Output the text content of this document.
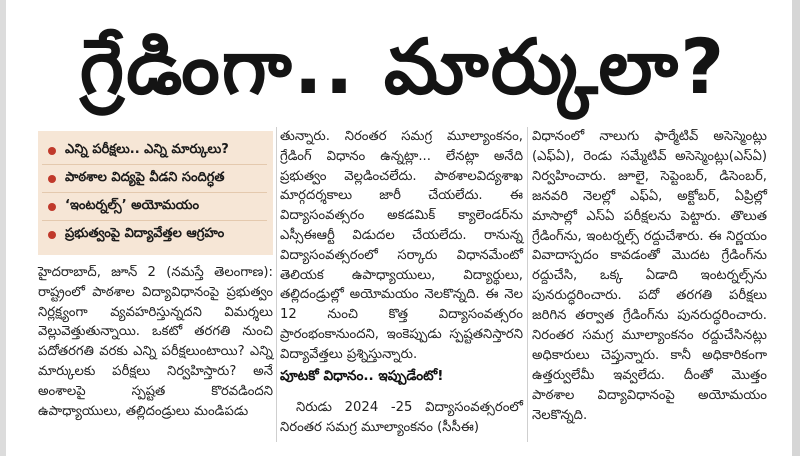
గ్రేడింగా.. మార్కులా?
ఎన్ని పరీక్షలు.. ఎన్ని మార్కులు?
పాఠశాల విద్యపై వీడని సందిగ్ధత
‘ఇంటర్నల్స్’ అయోమయం
ప్రభుత్వంపై విద్యావేత్తల ఆగ్రహం

హైదరాబాద్, జూన్ 2 (నమస్తే తెలంగాణ): రాష్ట్రంలో పాఠశాల విద్యావిధానంపై ప్రభుత్వం నిర్లక్ష్యంగా వ్యవహరిస్తున్నదని విమర్శలు వెల్లువెత్తుతున్నాయి. ఒకటో తరగతి నుంచి పదోతరగతి వరకు ఎన్ని పరీక్షలుంటాయి? ఎన్ని మార్కులకు పరీక్షలు నిర్వహిస్తారు? అనే అంశాలపై స్పష్టత కొరవడిందని ఉపాధ్యాయులు, తల్లిదండ్రులు మండిపడు

తున్నారు. నిరంతర సమగ్ర మూల్యాంకనం, గ్రేడింగ్ విధానం ఉన్నట్లా... లేనట్లా అనేది ప్రభుత్వం వెల్లడించలేదు. పాఠశాలవిద్యశాఖ మార్గదర్శకాలు జారీ చేయలేదు. ఈ విద్యాసంవత్సరం అకడమిక్ క్యాలెండర్‌ను ఎస్సీఈఆర్టీ విడుదల చేయలేదు. రానున్న విద్యాసంవత్సరంలో సర్కారు విధానమేంటో తెలియక ఉపాధ్యాయులు, విద్యార్థులు, తల్లిదండ్రుల్లో అయోమయం నెలకొన్నది. ఈ నెల 12 నుంచి కొత్త విద్యాసంవత్సరం ప్రారంభంకానుందని, ఇంకెప్పుడు స్పష్టతనిస్తారని విద్యావేత్తలు ప్రశ్నిస్తున్నారు.

పూటకో విధానం.. ఇప్పుడేంటో!

నిరుడు 2024 -25 విద్యాసంవత్సరంలో నిరంతర సమగ్ర మూల్యాంకనం (సీసీఈ)

విధానంలో నాలుగు ఫార్మేటివ్ అసెస్మెంట్లు (ఎఫ్ఏ), రెండు సమ్మేటివ్ అసెస్మెంట్లు(ఎస్ఏ) నిర్వహించారు. జూలై, సెప్టెంబర్, డిసెంబర్, జనవరి నెలల్లో ఎఫ్ఏ, అక్టోబర్, ఏప్రిల్లో మాసాల్లో ఎస్ఏ పరీక్షలను పెట్టారు. తొలుత గ్రేడింగ్‌ను, ఇంటర్నల్స్ రద్దుచేశారు. ఈ నిర్ణయం వివాదాస్పదం కావడంతో మొదట గ్రేడింగ్‌ను రద్దుచేసి, ఒక్క ఏడాది ఇంటర్నల్స్‌ను పునరుద్ధరించారు. పదో తరగతి పరీక్షలు జరిగిన తర్వాత గ్రేడింగ్‌ను పునరుద్ధరించారు. నిరంతర సమగ్ర మూల్యాంకనం రద్దుచేసినట్లు అధికారులు చెప్తున్నారు. కానీ అధికారికంగా ఉత్తర్వులేమీ ఇవ్వలేదు. దీంతో మొత్తం పాఠశాల విద్యావిధానంపై అయోమయం నెలకొన్నది.
